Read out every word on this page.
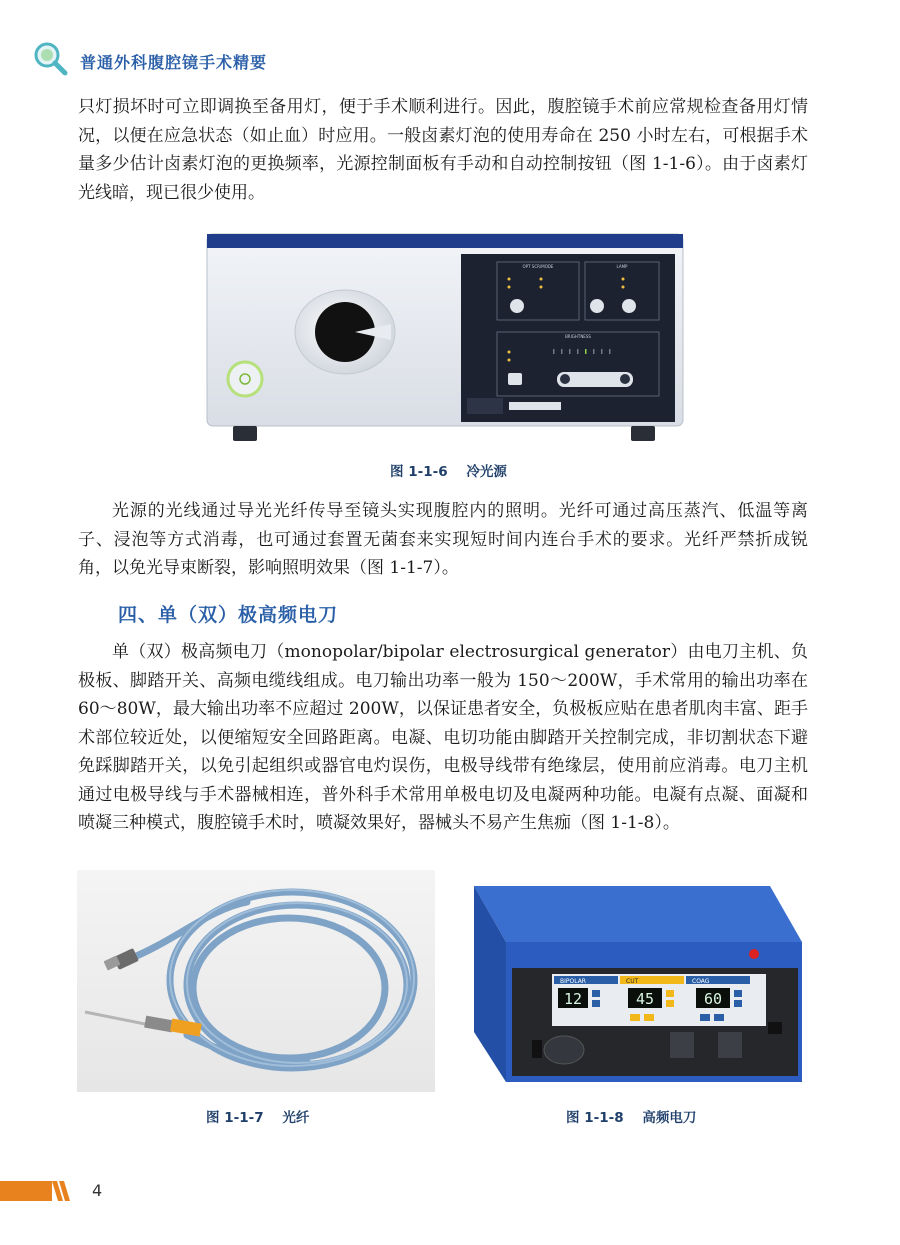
普通外科腹腔镜手术精要

只灯损坏时可立即调换至备用灯，便于手术顺利进行。因此，腹腔镜手术前应常规检查备用灯情况，以便在应急状态（如止血）时应用。一般卤素灯泡的使用寿命在 250 小时左右，可根据手术量多少估计卤素灯泡的更换频率，光源控制面板有手动和自动控制按钮（图 1-1-6）。由于卤素灯光线暗，现已很少使用。

OPT SCR/MODE	LAMP
BRIGHTNESS
图 1-1-6    冷光源

光源的光线通过导光光纤传导至镜头实现腹腔内的照明。光纤可通过高压蒸汽、低温等离子、浸泡等方式消毒，也可通过套置无菌套来实现短时间内连台手术的要求。光纤严禁折成锐角，以免光导束断裂，影响照明效果（图 1-1-7）。

四、单（双）极高频电刀

单（双）极高频电刀（monopolar/bipolar electrosurgical generator）由电刀主机、负极板、脚踏开关、高频电缆线组成。电刀输出功率一般为 150～200W，手术常用的输出功率在 60～80W，最大输出功率不应超过 200W，以保证患者安全，负极板应贴在患者肌肉丰富、距手术部位较近处，以便缩短安全回路距离。电凝、电切功能由脚踏开关控制完成，非切割状态下避免踩脚踏开关，以免引起组织或器官电灼误伤，电极导线带有绝缘层，使用前应消毒。电刀主机通过电极导线与手术器械相连，普外科手术常用单极电切及电凝两种功能。电凝有点凝、面凝和喷凝三种模式，腹腔镜手术时，喷凝效果好，器械头不易产生焦痂（图 1-1-8）。

图 1-1-7    光纤
BIPOLAR	CUT	COAG
12	45	60
图 1-1-8    高频电刀
4
